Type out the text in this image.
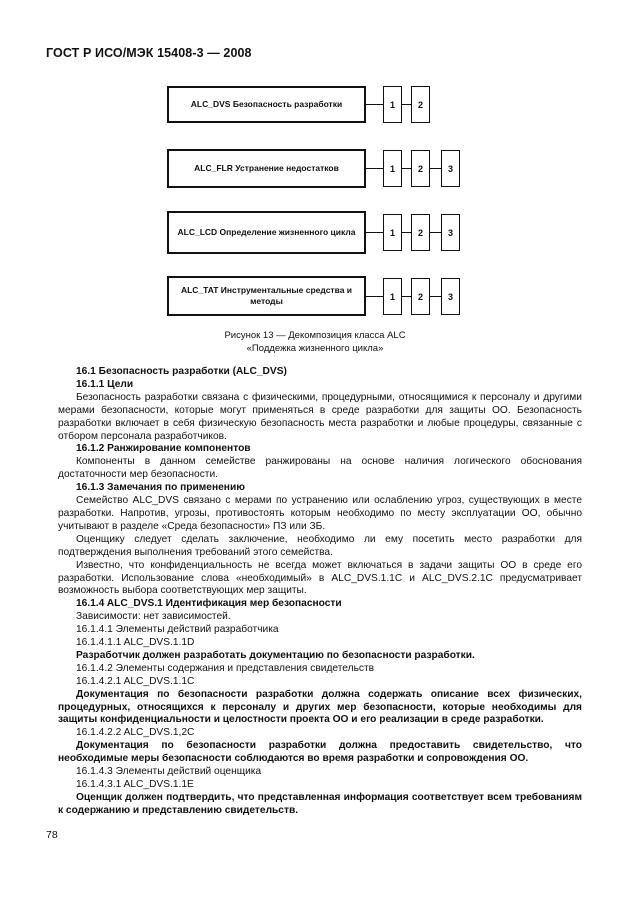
ГОСТ Р ИСО/МЭК 15408-3 — 2008
ALC_DVS Безопасность разработки	1	2
ALC_FLR Устранение недостатков	1	2	3
ALC_LCD Определение жизненного цикла	1	2	3
ALC_TAT Инструментальные средства и методы	1	2	3
Рисунок 13 — Декомпозиция класса ALC
«Поддежка жизненного цикла»

16.1 Безопасность разработки (ALC_DVS)

16.1.1 Цели

Безопасность разработки связана с физическими, процедурными, относящимися к персоналу и другими мерами безопасности, которые могут применяться в среде разработки для защиты ОО. Безопасность разработки включает в себя физическую безопасность места разработки и любые процедуры, связанные с отбором персонала разработчиков.

16.1.2 Ранжирование компонентов

Компоненты в данном семействе ранжированы на основе наличия логического обоснования достаточности мер безопасности.

16.1.3 Замечания по применению

Семейство ALC_DVS связано с мерами по устранению или ослаблению угроз, существующих в месте разработки. Напротив, угрозы, противостоять которым необходимо по месту эксплуатации ОО, обычно учитывают в разделе «Среда безопасности» ПЗ или ЗБ.

Оценщику следует сделать заключение, необходимо ли ему посетить место разработки для подтверждения выполнения требований этого семейства.

Известно, что конфиденциальность не всегда может включаться в задачи защиты ОО в среде его разработки. Использование слова «необходимый» в ALC_DVS.1.1C и ALC_DVS.2.1C предусматривает возможность выбора соответствующих мер защиты.

16.1.4 ALC_DVS.1 Идентификация мер безопасности

Зависимости: нет зависимостей.

16.1.4.1 Элементы действий разработчика

16.1.4.1.1 ALC_DVS.1.1D

Разработчик должен разработать документацию по безопасности разработки.

16.1.4.2 Элементы содержания и представления свидетельств

16.1.4.2.1 ALC_DVS.1.1C

Документация по безопасности разработки должна содержать описание всех физических, процедурных, относящихся к персоналу и других мер безопасности, которые необходимы для защиты конфиденциальности и целостности проекта ОО и его реализации в среде разработки.

16.1.4.2.2 ALC_DVS.1,2C

Документация по безопасности разработки должна предоставить свидетельство, что необходимые меры безопасности соблюдаются во время разработки и сопровождения ОО.

16.1.4.3 Элементы действий оценщика

16.1.4.3.1 ALC_DVS.1.1E

Оценщик должен подтвердить, что представленная информация соответствует всем требованиям к содержанию и представлению свидетельств.

78
